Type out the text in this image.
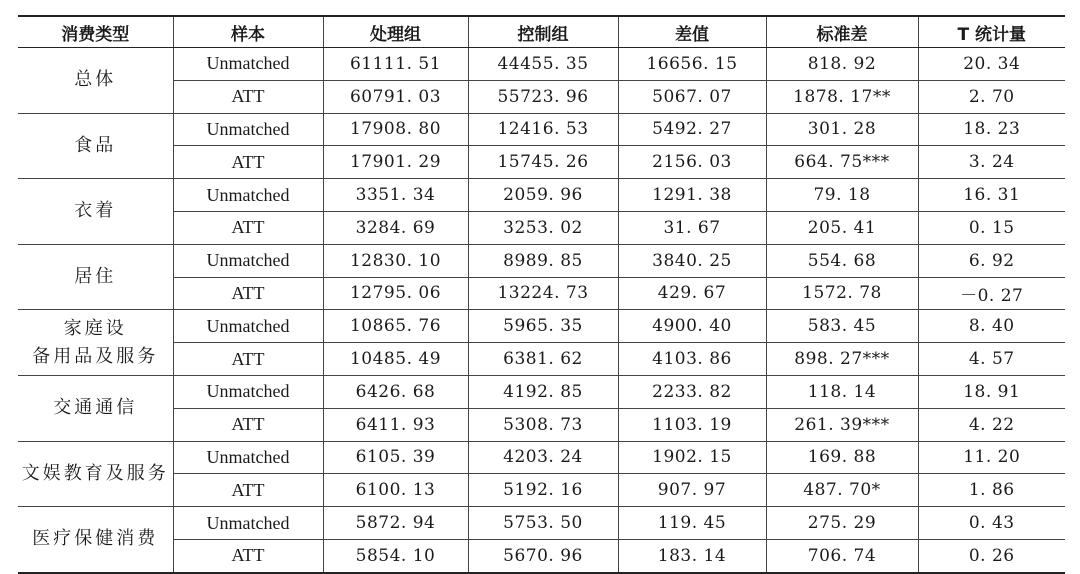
消费类型	样本	处理组	控制组	差值	标准差	T 统计量

总体	Unmatched	61111. 51	44455. 35	16656. 15	818. 92	20. 34
	ATT	60791. 03	55723. 96	5067. 07	1878. 17**	2. 70

食品	Unmatched	17908. 80	12416. 53	5492. 27	301. 28	18. 23
	ATT	17901. 29	15745. 26	2156. 03	664. 75***	3. 24

衣着	Unmatched	3351. 34	2059. 96	1291. 38	79. 18	16. 31
	ATT	3284. 69	3253. 02	31. 67	205. 41	0. 15

居住	Unmatched	12830. 10	8989. 85	3840. 25	554. 68	6. 92
	ATT	12795. 06	13224. 73	429. 67	1572. 78	－0. 27

家庭设
备用品及服务	Unmatched	10865. 76	5965. 35	4900. 40	583. 45	8. 40
	ATT	10485. 49	6381. 62	4103. 86	898. 27***	4. 57

交通通信	Unmatched	6426. 68	4192. 85	2233. 82	118. 14	18. 91
	ATT	6411. 93	5308. 73	1103. 19	261. 39***	4. 22

文娱教育及服务	Unmatched	6105. 39	4203. 24	1902. 15	169. 88	11. 20
	ATT	6100. 13	5192. 16	907. 97	487. 70*	1. 86

医疗保健消费	Unmatched	5872. 94	5753. 50	119. 45	275. 29	0. 43
	ATT	5854. 10	5670. 96	183. 14	706. 74	0. 26
